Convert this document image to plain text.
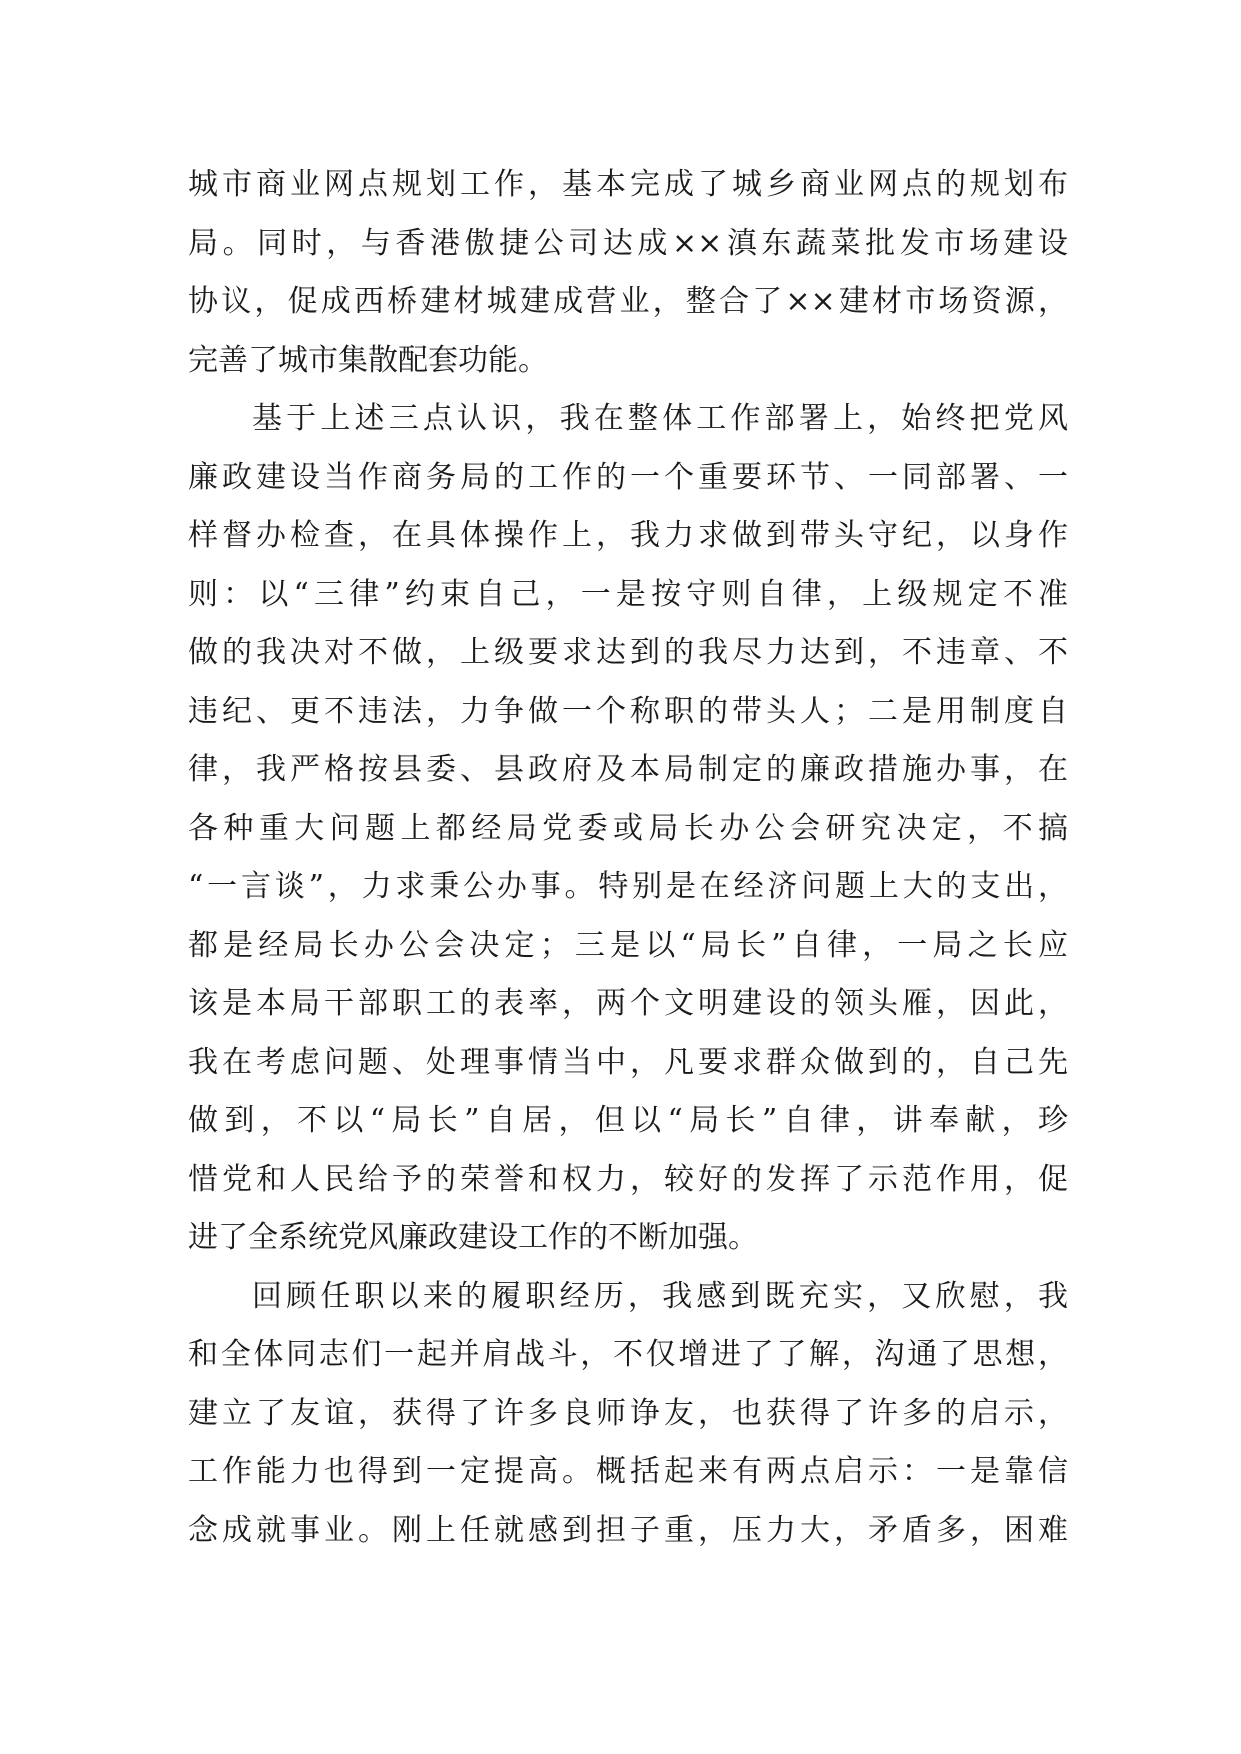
城市商业网点规划工作，基本完成了城乡商业网点的规划布
局。同时，与香港傲捷公司达成××滇东蔬菜批发市场建设
协议，促成西桥建材城建成营业，整合了××建材市场资源，
完善了城市集散配套功能。
基于上述三点认识，我在整体工作部署上，始终把党风
廉政建设当作商务局的工作的一个重要环节、一同部署、一
样督办检查，在具体操作上，我力求做到带头守纪，以身作
则：以“三律”约束自己，一是按守则自律，上级规定不准
做的我决对不做，上级要求达到的我尽力达到，不违章、不
违纪、更不违法，力争做一个称职的带头人；二是用制度自
律，我严格按县委、县政府及本局制定的廉政措施办事，在
各种重大问题上都经局党委或局长办公会研究决定，不搞
“一言谈”，力求秉公办事。特别是在经济问题上大的支出，
都是经局长办公会决定；三是以“局长”自律，一局之长应
该是本局干部职工的表率，两个文明建设的领头雁，因此，
我在考虑问题、处理事情当中，凡要求群众做到的，自己先
做到，不以“局长”自居，但以“局长”自律，讲奉献，珍
惜党和人民给予的荣誉和权力，较好的发挥了示范作用，促
进了全系统党风廉政建设工作的不断加强。
回顾任职以来的履职经历，我感到既充实，又欣慰，我
和全体同志们一起并肩战斗，不仅增进了了解，沟通了思想，
建立了友谊，获得了许多良师诤友，也获得了许多的启示，
工作能力也得到一定提高。概括起来有两点启示：一是靠信
念成就事业。刚上任就感到担子重，压力大，矛盾多，困难
